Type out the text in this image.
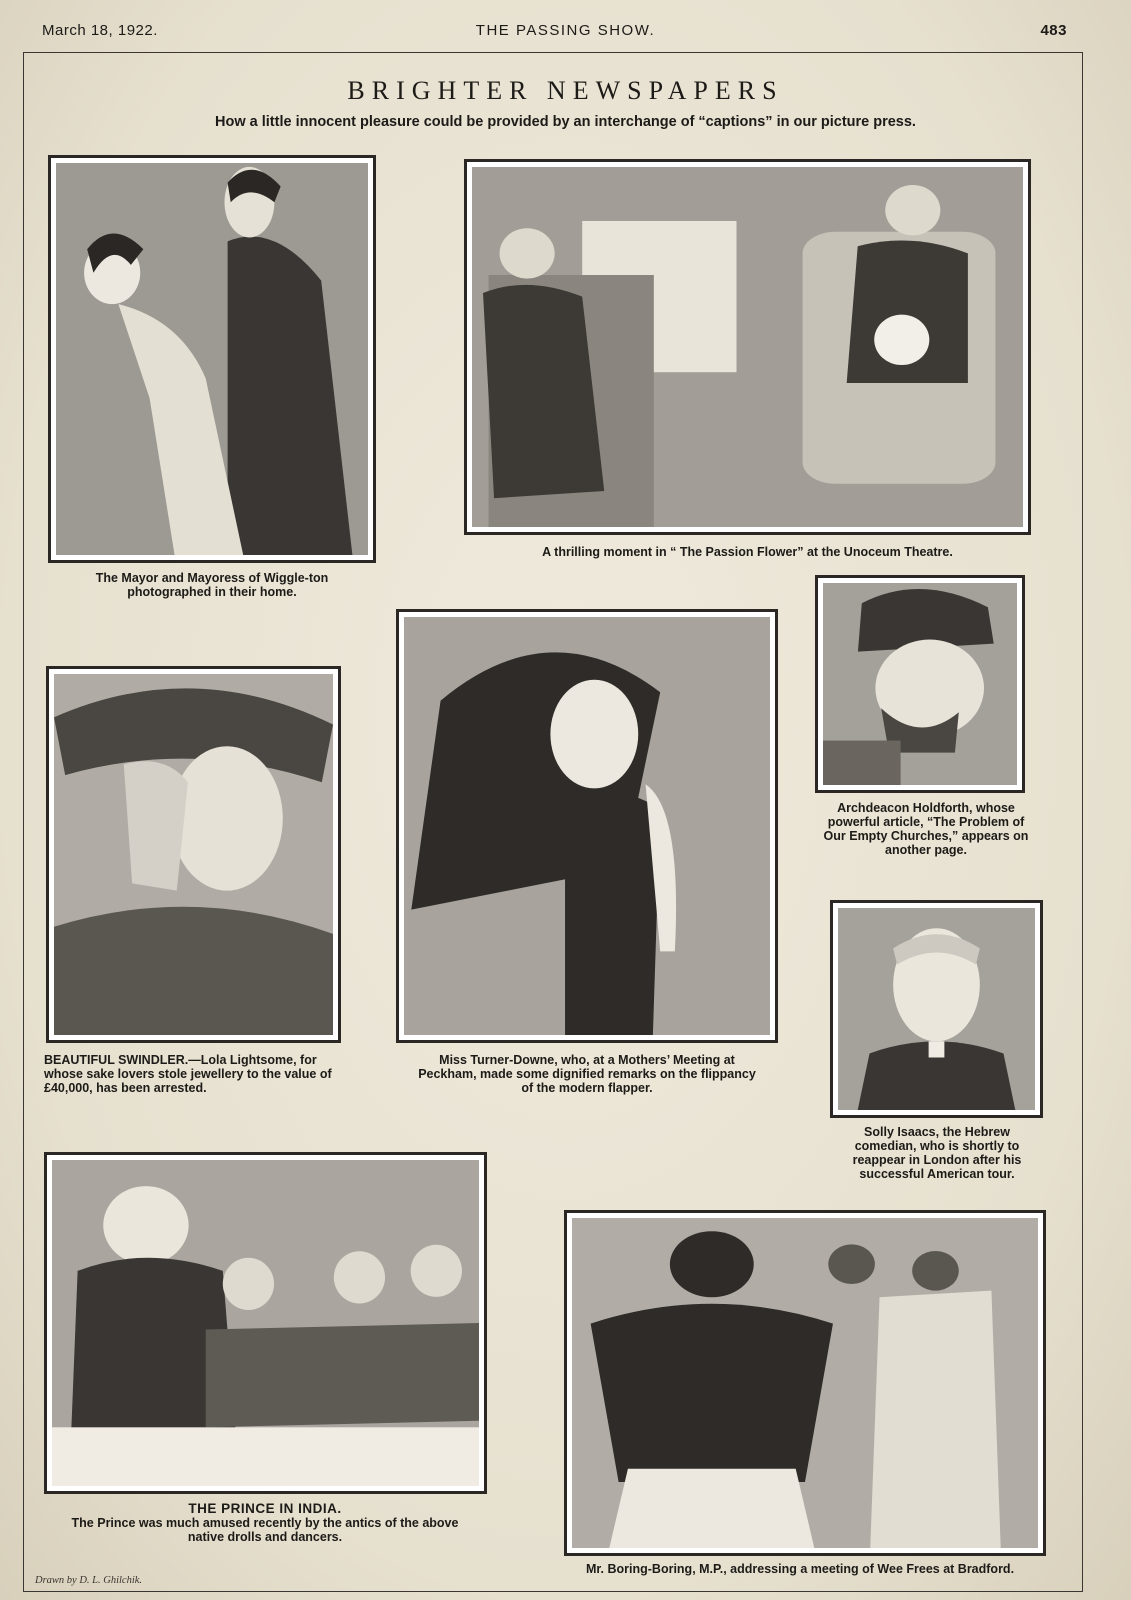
March 18, 1922.	THE PASSING SHOW.	483
BRIGHTER NEWSPAPERS
How a little innocent pleasure could be provided by an interchange of “captions” in our picture press.
The Mayor and Mayoress of Wiggle-ton photographed in their home.
A thrilling moment in “ The Passion Flower” at the Unoceum Theatre.
Archdeacon Holdforth, whose powerful article, “The Problem of Our Empty Churches,” appears on another page.
BEAUTIFUL SWINDLER.—Lola Lightsome, for whose sake lovers stole jewellery to the value of £40,000, has been arrested.
Miss Turner-Downe, who, at a Mothers’ Meeting at Peckham, made some dignified remarks on the flippancy of the modern flapper.
Solly Isaacs, the Hebrew comedian, who is shortly to reappear in London after his successful American tour.
THE PRINCE IN INDIA.
The Prince was much amused recently by the antics of the above native drolls and dancers.
Mr. Boring-Boring, M.P., addressing a meeting of Wee Frees at Bradford.
Drawn by D. L. Ghilchik.
